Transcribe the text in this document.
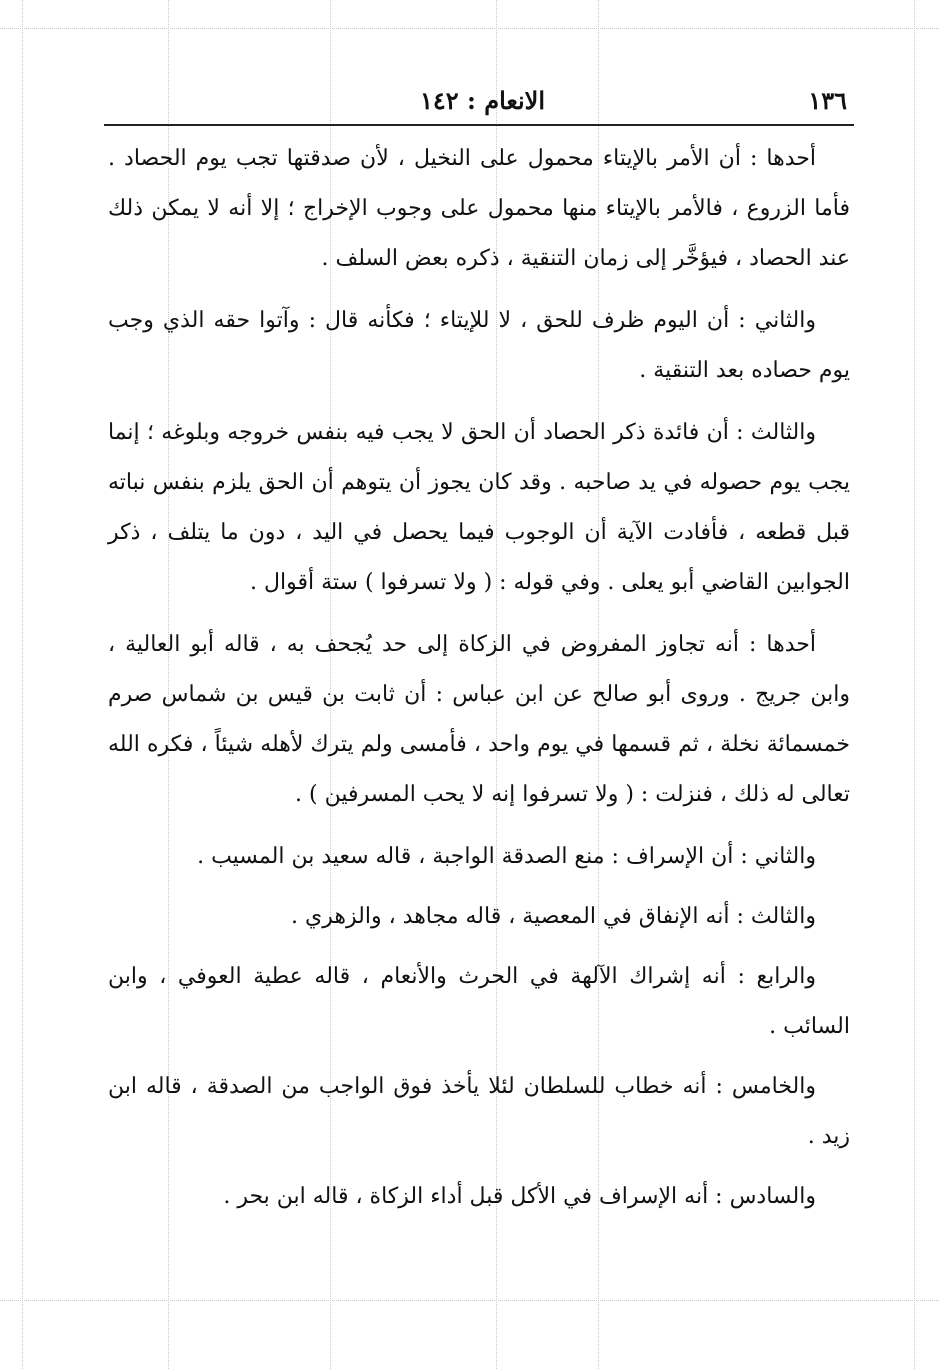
١٣٦
الانعام : ١٤٢

أحدها : أن الأمر بالإيتاء محمول على النخيل ، لأن صدقتها تجب يوم الحصاد . فأما الزروع ، فالأمر بالإيتاء منها محمول على وجوب الإخراج ؛ إلا أنه لا يمكن ذلك عند الحصاد ، فيؤخَّر إلى زمان التنقية ، ذكره بعض السلف .

والثاني : أن اليوم ظرف للحق ، لا للإيتاء ؛ فكأنه قال : وآتوا حقه الذي وجب يوم حصاده بعد التنقية .

والثالث : أن فائدة ذكر الحصاد أن الحق لا يجب فيه بنفس خروجه وبلوغه ؛ إنما يجب يوم حصوله في يد صاحبه . وقد كان يجوز أن يتوهم أن الحق يلزم بنفس نباته قبل قطعه ، فأفادت الآية أن الوجوب فيما يحصل في اليد ، دون ما يتلف ، ذكر الجوابين القاضي أبو يعلى . وفي قوله : ( ولا تسرفوا ) ستة أقوال .

أحدها : أنه تجاوز المفروض في الزكاة إلى حد يُجحف به ، قاله أبو العالية ، وابن جريج . وروى أبو صالح عن ابن عباس : أن ثابت بن قيس بن شماس صرم خمسمائة نخلة ، ثم قسمها في يوم واحد ، فأمسى ولم يترك لأهله شيئاً ، فكره الله تعالى له ذلك ، فنزلت : ( ولا تسرفوا إنه لا يحب المسرفين ) .

والثاني : أن الإسراف : منع الصدقة الواجبة ، قاله سعيد بن المسيب .

والثالث : أنه الإنفاق في المعصية ، قاله مجاهد ، والزهري .

والرابع : أنه إشراك الآلهة في الحرث والأنعام ، قاله عطية العوفي ، وابن السائب .

والخامس : أنه خطاب للسلطان لئلا يأخذ فوق الواجب من الصدقة ، قاله ابن زيد .

والسادس : أنه الإسراف في الأكل قبل أداء الزكاة ، قاله ابن بحر .
